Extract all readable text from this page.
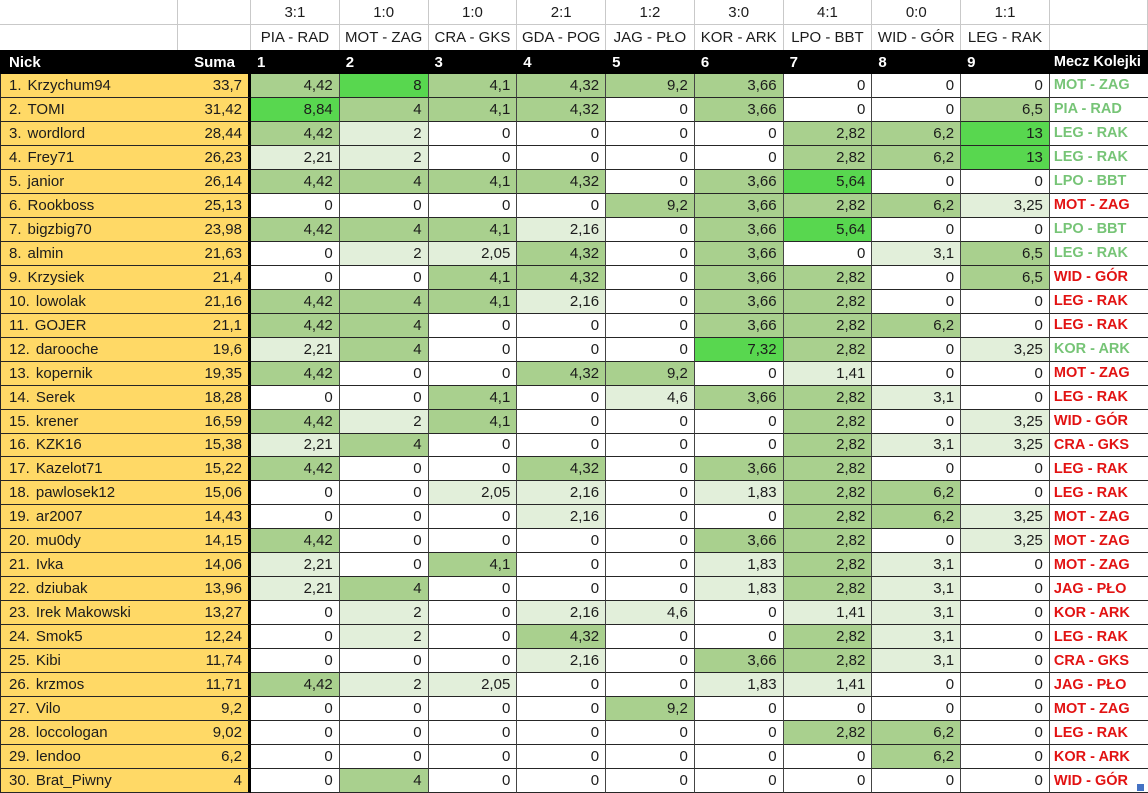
3:1	1:0	1:0	2:1	1:2	3:0	4:1	0:0	1:1
PIA - RAD	MOT - ZAG CRA - GKS GDA - POG JAG - PŁO KOR - ARK LPO - BBT WID - GÓR LEG - RAK
Nick	Suma	1	2	3	4	5	6	7	8	9	Mecz Kolejki
1. Krzychum94	33,7	4,42	8	4,1	4,32	9,2	3,66	0	0	0 MOT - ZAG
2. TOMI	31,42	8,84	4	4,1	4,32	0	3,66	0	0	6,5 PIA - RAD
3. wordlord	28,44	4,42	2	0	0	0	0	2,82	6,2	13 LEG - RAK
4. Frey71	26,23	2,21	2	0	0	0	0	2,82	6,2	13 LEG - RAK
5. janior	26,14	4,42	4	4,1	4,32	0	3,66	5,64	0	0 LPO - BBT
6. Rookboss	25,13	0	0	0	0	9,2	3,66	2,82	6,2	3,25 MOT - ZAG
7. bigzbig70	23,98	4,42	4	4,1	2,16	0	3,66	5,64	0	0 LPO - BBT
8. almin	21,63	0	2	2,05	4,32	0	3,66	0	3,1	6,5 LEG - RAK
9. Krzysiek	21,4	0	0	4,1	4,32	0	3,66	2,82	0	6,5 WID - GÓR
10. lowolak	21,16	4,42	4	4,1	2,16	0	3,66	2,82	0	0 LEG - RAK
11. GOJER	21,1	4,42	4	0	0	0	3,66	2,82	6,2	0 LEG - RAK
12. darooche	19,6	2,21	4	0	0	0	7,32	2,82	0	3,25 KOR - ARK
13. kopernik	19,35	4,42	0	0	4,32	9,2	0	1,41	0	0 MOT - ZAG
14. Serek	18,28	0	0	4,1	0	4,6	3,66	2,82	3,1	0 LEG - RAK
15. krener	16,59	4,42	2	4,1	0	0	0	2,82	0	3,25 WID - GÓR
16. KZK16	15,38	2,21	4	0	0	0	0	2,82	3,1	3,25 CRA - GKS
17. Kazelot71	15,22	4,42	0	0	4,32	0	3,66	2,82	0	0 LEG - RAK
18. pawlosek12	15,06	0	0	2,05	2,16	0	1,83	2,82	6,2	0 LEG - RAK
19. ar2007	14,43	0	0	0	2,16	0	0	2,82	6,2	3,25 MOT - ZAG
20. mu0dy	14,15	4,42	0	0	0	0	3,66	2,82	0	3,25 MOT - ZAG
21. Ivka	14,06	2,21	0	4,1	0	0	1,83	2,82	3,1	0 MOT - ZAG
22. dziubak	13,96	2,21	4	0	0	0	1,83	2,82	3,1	0 JAG - PŁO
23. Irek Makowski	13,27	0	2	0	2,16	4,6	0	1,41	3,1	0 KOR - ARK
24. Smok5	12,24	0	2	0	4,32	0	0	2,82	3,1	0 LEG - RAK
25. Kibi	11,74	0	0	0	2,16	0	3,66	2,82	3,1	0 CRA - GKS
26. krzmos	11,71	4,42	2	2,05	0	0	1,83	1,41	0	0 JAG - PŁO
27. Vilo	9,2	0	0	0	0	9,2	0	0	0	0 MOT - ZAG
28. loccologan	9,02	0	0	0	0	0	0	2,82	6,2	0 LEG - RAK
29. lendoo	6,2	0	0	0	0	0	0	0	6,2	0 KOR - ARK
30. Brat_Piwny	4	0	4	0	0	0	0	0	0	0 WID - GÓR
